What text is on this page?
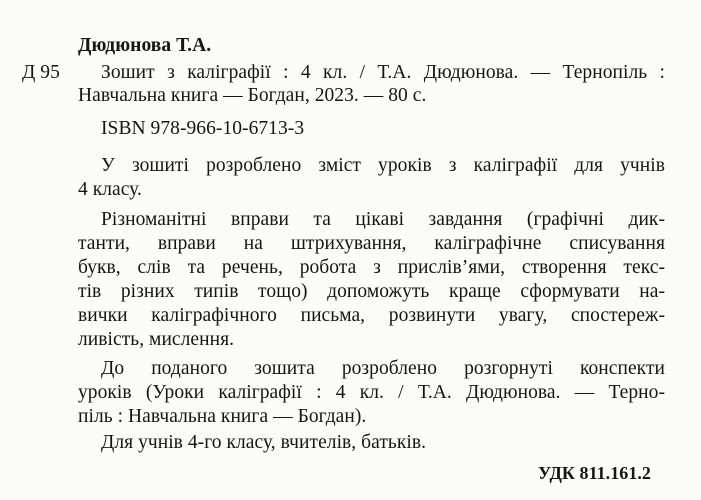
Дюдюнова Т.А.
Д 95 Зошит з каліграфії : 4 кл. / Т.А. Дюдюнова. — Тернопіль :
Навчальна книга — Богдан, 2023. — 80 с.
ISBN 978-966-10-6713-3
У зошиті розроблено зміст уроків з каліграфії для учнів
4 класу.
Різноманітні вправи та цікаві завдання (графічні дик-
танти, вправи на штрихування, каліграфічне списування
букв, слів та речень, робота з прислів’ями, створення текс-
тів різних типів тощо) допоможуть краще сформувати на-
вички каліграфічного письма, розвинути увагу, спостереж-
ливість, мислення.
До поданого зошита розроблено розгорнуті конспекти
уроків (Уроки каліграфії : 4 кл. / Т.А. Дюдюнова. — Терно-
піль : Навчальна книга — Богдан).
Для учнів 4-го класу, вчителів, батьків.
УДК 811.161.2
